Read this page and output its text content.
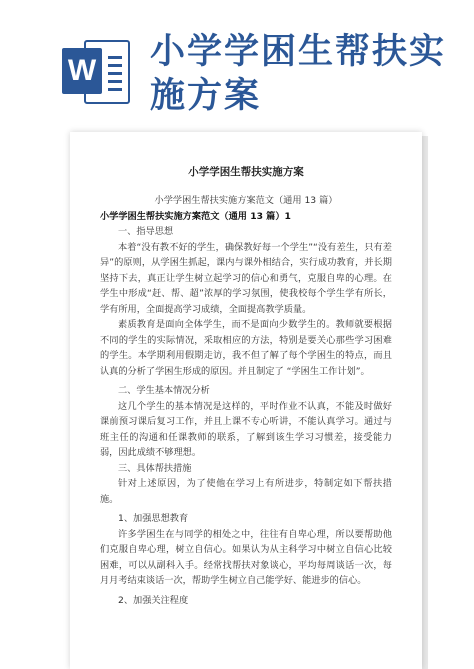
W 小学学困生帮扶实施方案
小学学困生帮扶实施方案

小学学困生帮扶实施方案范文（通用 13 篇）

小学学困生帮扶实施方案范文（通用 13 篇）1

一、指导思想

本着“没有教不好的学生，确保教好每一个学生”“没有差生，只有差异”的原则，从学困生抓起，课内与课外相结合，实行成功教育，并长期坚持下去，真正让学生树立起学习的信心和勇气，克服自卑的心理。在学生中形成“赶、帮、超”浓厚的学习氛围，使我校每个学生学有所长，学有所用，全面提高学习成绩，全面提高教学质量。

素质教育是面向全体学生，而不是面向少数学生的。教师就要根据不同的学生的实际情况，采取相应的方法，特别是要关心那些学习困难的学生。本学期利用假期走访，我不但了解了每个学困生的特点，而且认真的分析了学困生形成的原因。并且制定了 “学困生工作计划”。

二、学生基本情况分析

这几个学生的基本情况是这样的，平时作业不认真，不能及时做好课前预习课后复习工作，并且上课不专心听讲，不能认真学习。通过与班主任的沟通和任课教师的联系，了解到该生学习习惯差，接受能力弱，因此成绩不够理想。

三、具体帮扶措施

针对上述原因，为了使他在学习上有所进步，特制定如下帮扶措施。

1、加强思想教育

许多学困生在与同学的相处之中，往往有自卑心理，所以要帮助他们克服自卑心理，树立自信心。如果认为从主科学习中树立自信心比较困难，可以从副科入手。经常找帮扶对象谈心，平均每周谈话一次，每月月考结束谈话一次，帮助学生树立自己能学好、能进步的信心。

2、加强关注程度
